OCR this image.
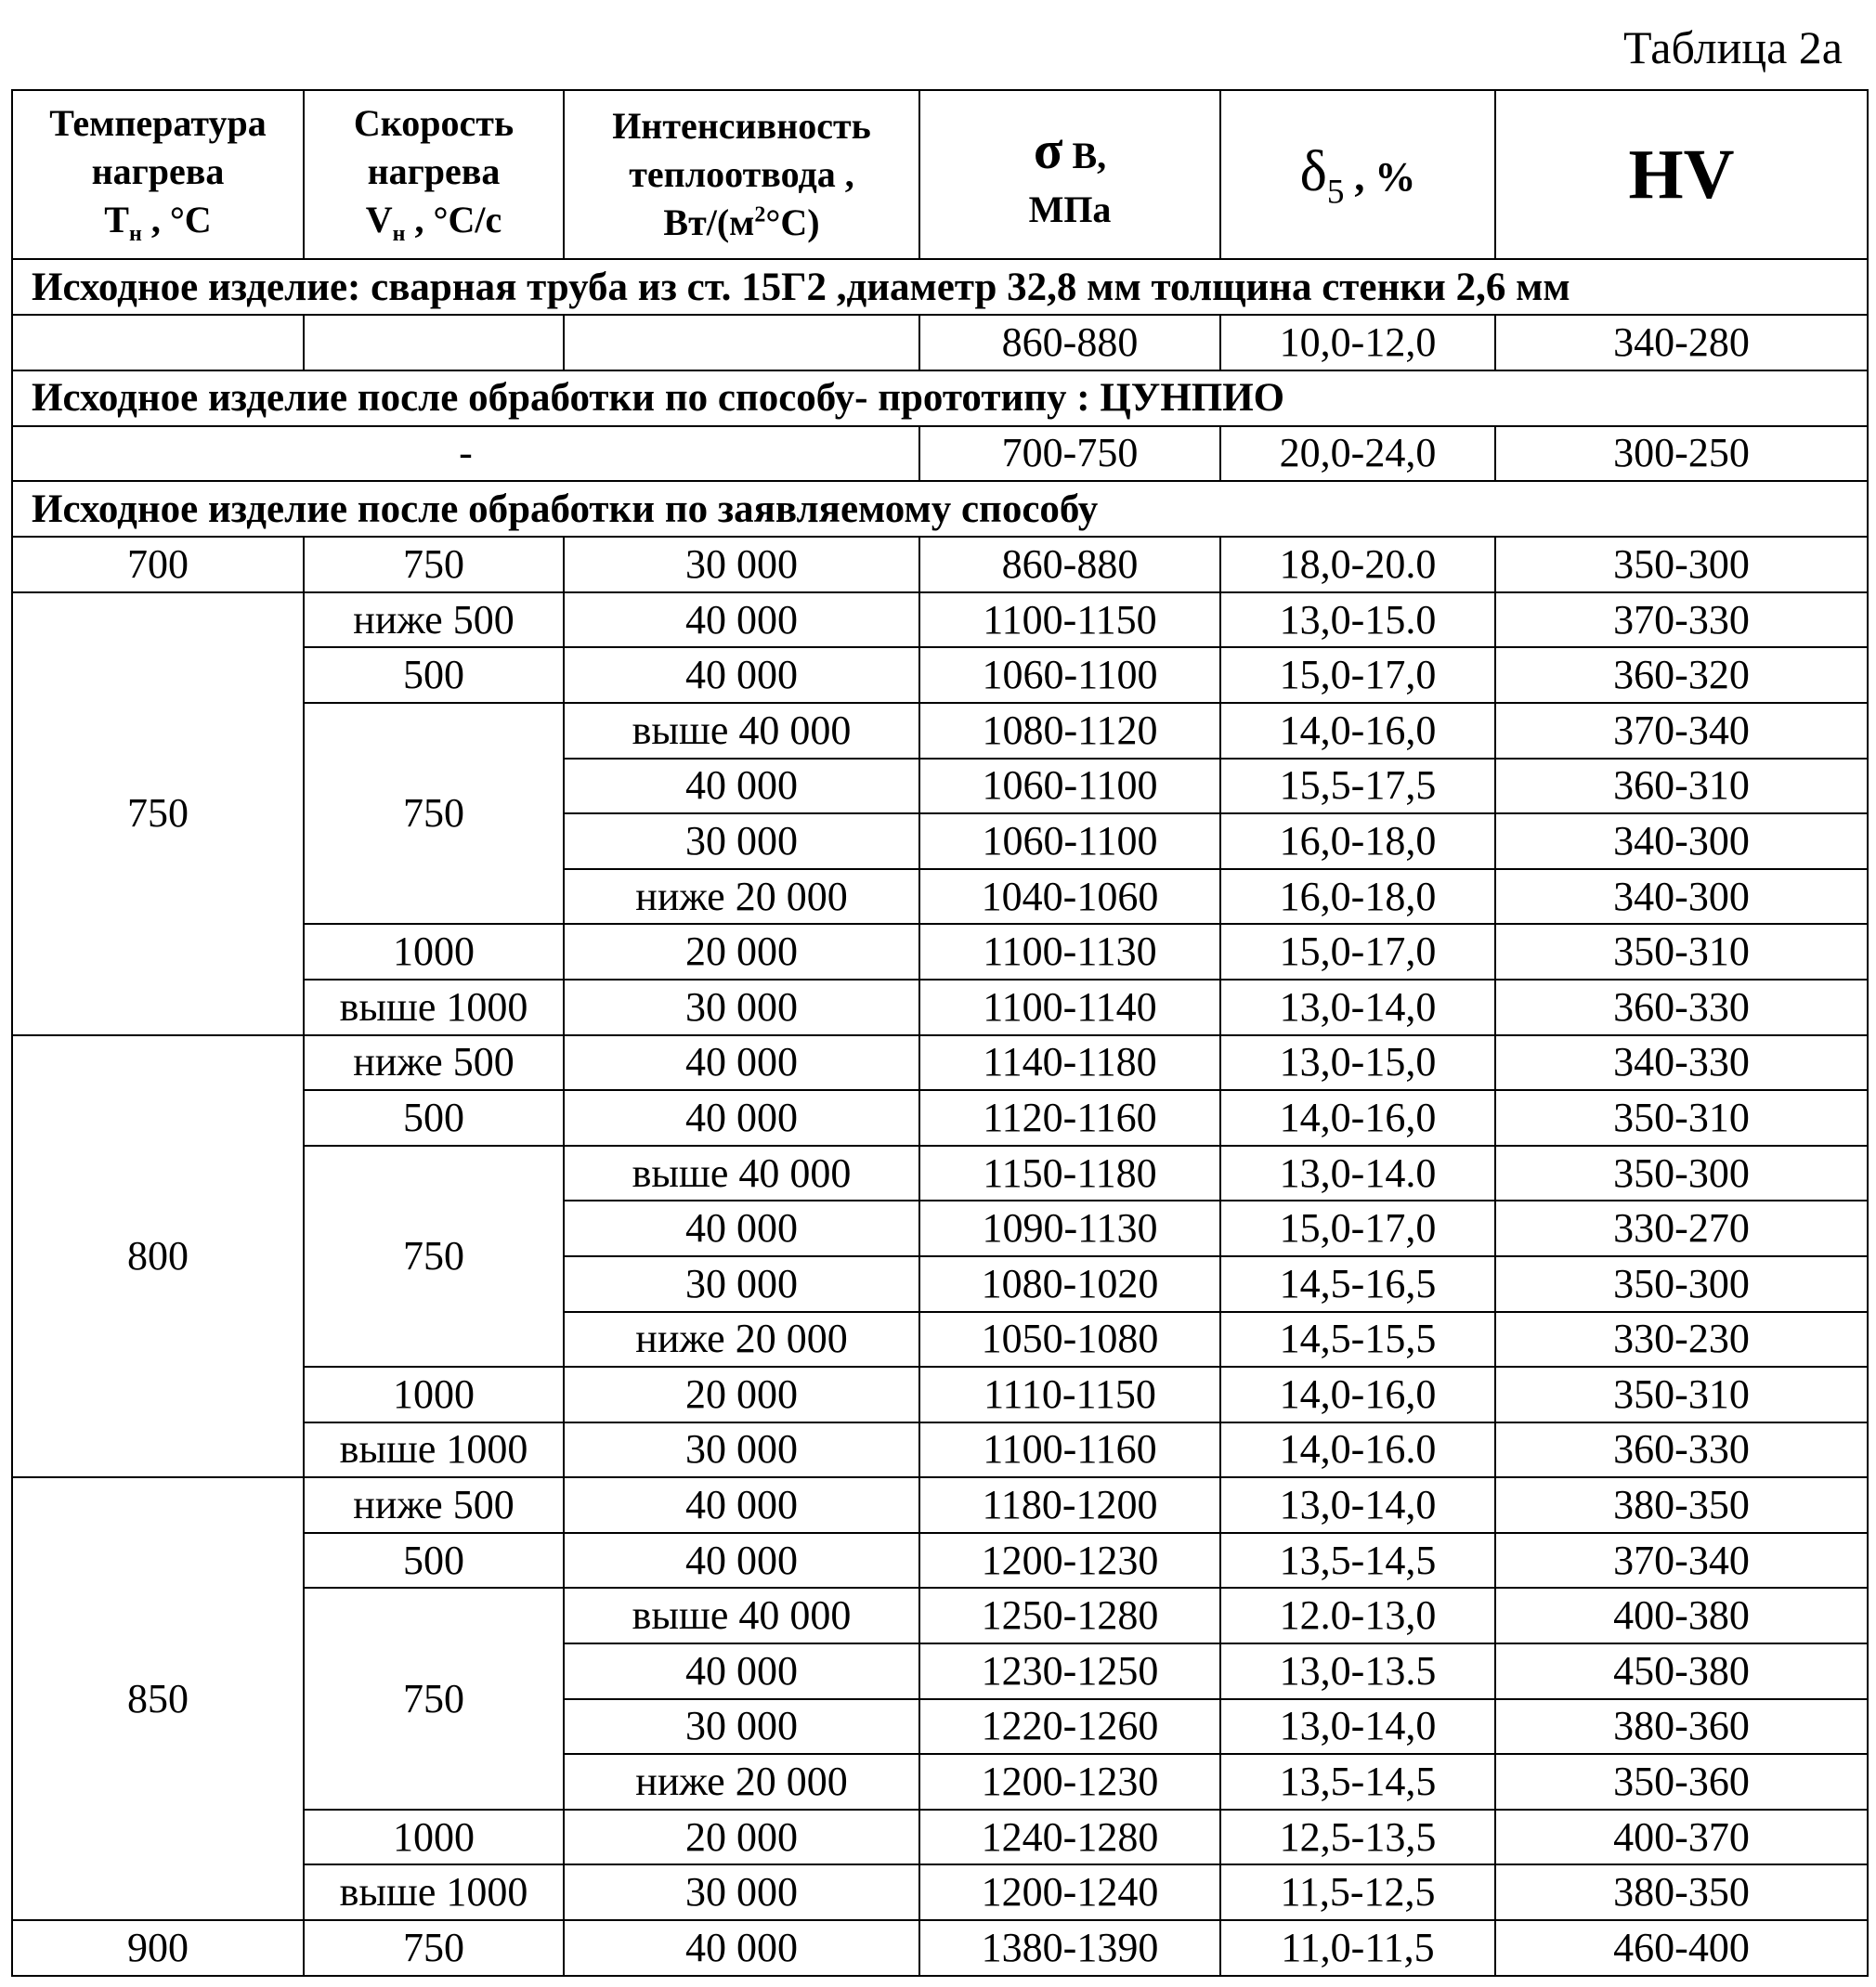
Таблица 2а
Температура
нагрева
$Т_н$ , °С	Скорость
нагрева
$V_н$ , °С/с	Интенсивность
теплоотвода ,
$Вт/(м^2^\circ С)$	σ В,
МПа	$\delta_5$ , %	HV
Исходное изделие: сварная труба из ст. 15Г2 ,диаметр 32,8 мм толщина стенки 2,6 мм					
			860-880	10,0-12,0	340-280
Исходное изделие после обработки по способу- прототипу : ЦУНПИО					
-			700-750	20,0-24,0	300-250
Исходное изделие после обработки по заявляемому способу					
700	750	30 000	860-880	18,0-20.0	350-300
750	ниже 500	40 000	1100-1150	13,0-15.0	370-330
	500	40 000	1060-1100	15,0-17,0	360-320
	750	выше 40 000	1080-1120	14,0-16,0	370-340
		40 000	1060-1100	15,5-17,5	360-310
		30 000	1060-1100	16,0-18,0	340-300
		ниже 20 000	1040-1060	16,0-18,0	340-300
	1000	20 000	1100-1130	15,0-17,0	350-310
	выше 1000	30 000	1100-1140	13,0-14,0	360-330
800	ниже 500	40 000	1140-1180	13,0-15,0	340-330
	500	40 000	1120-1160	14,0-16,0	350-310
	750	выше 40 000	1150-1180	13,0-14.0	350-300
		40 000	1090-1130	15,0-17,0	330-270
		30 000	1080-1020	14,5-16,5	350-300
		ниже 20 000	1050-1080	14,5-15,5	330-230
	1000	20 000	1110-1150	14,0-16,0	350-310
	выше 1000	30 000	1100-1160	14,0-16.0	360-330
850	ниже 500	40 000	1180-1200	13,0-14,0	380-350
	500	40 000	1200-1230	13,5-14,5	370-340
	750	выше 40 000	1250-1280	12.0-13,0	400-380
		40 000	1230-1250	13,0-13.5	450-380
		30 000	1220-1260	13,0-14,0	380-360
		ниже 20 000	1200-1230	13,5-14,5	350-360
	1000	20 000	1240-1280	12,5-13,5	400-370
	выше 1000	30 000	1200-1240	11,5-12,5	380-350
900	750	40 000	1380-1390	11,0-11,5	460-400
